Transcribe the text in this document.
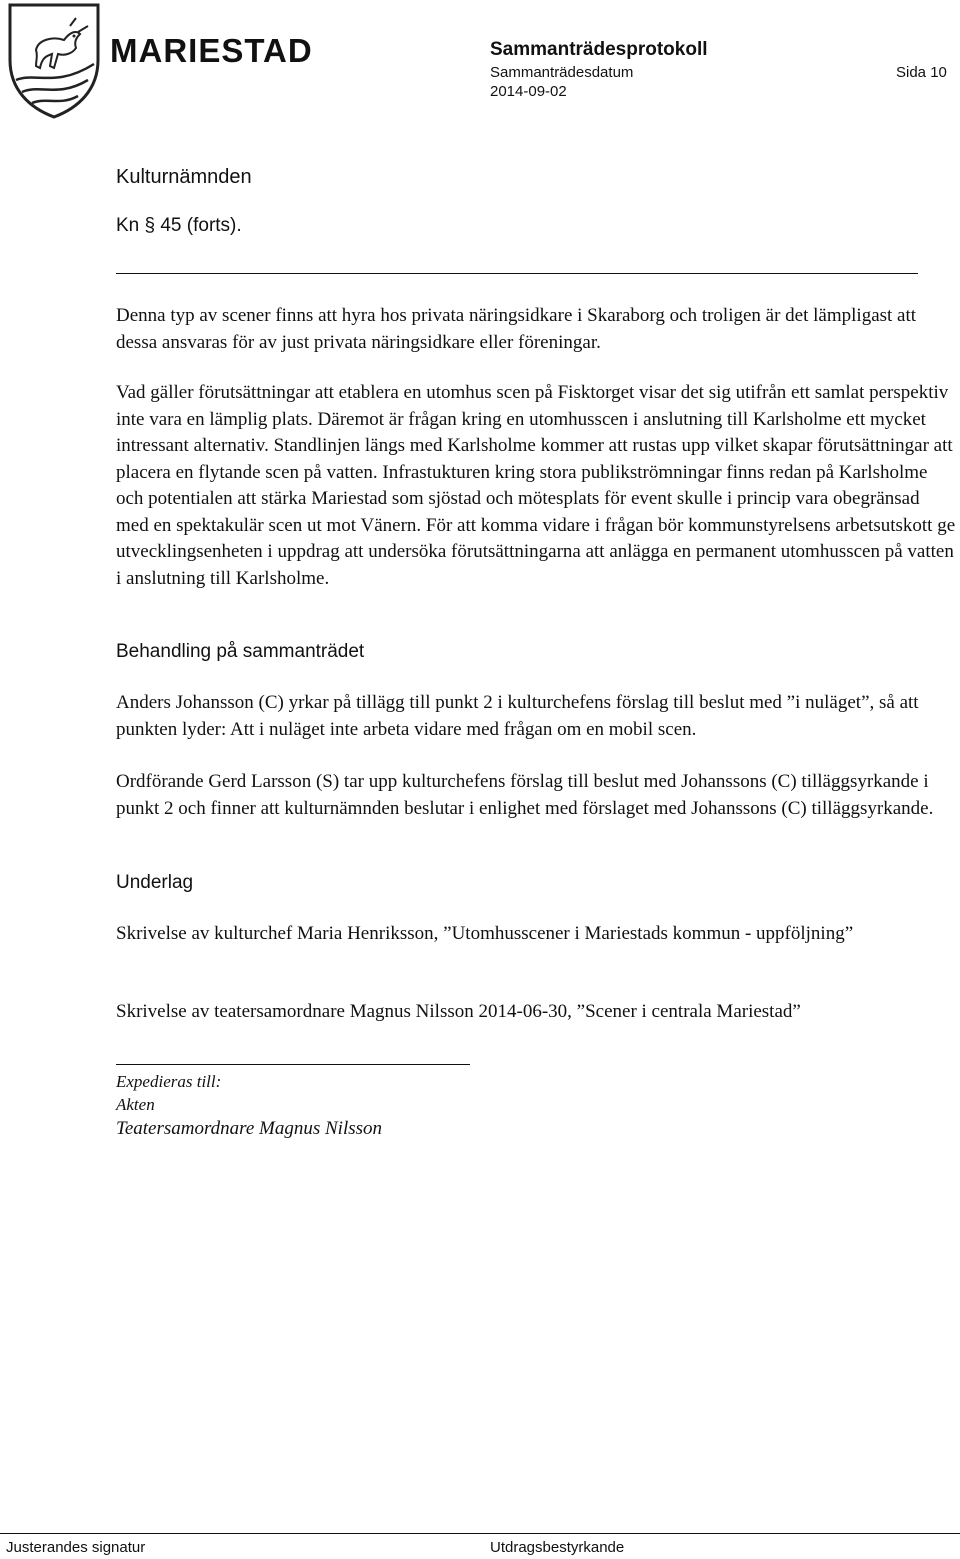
MARIESTAD	Sammanträdesprotokoll
Sammanträdesdatum
2014-09-02
Sida 10
Kulturnämnden
Kn § 45 (forts).

Denna typ av scener finns att hyra hos privata näringsidkare i Skaraborg och troligen är det lämpligast att dessa ansvaras för av just privata näringsidkare eller föreningar.

Vad gäller förutsättningar att etablera en utomhus scen på Fisktorget visar det sig utifrån ett samlat perspektiv inte vara en lämplig plats. Däremot är frågan kring en utomhusscen i anslutning till Karlsholme ett mycket intressant alternativ. Standlinjen längs med Karlsholme kommer att rustas upp vilket skapar förutsättningar att placera en flytande scen på vatten. Infrastukturen kring stora publikströmningar finns redan på Karlsholme och potentialen att stärka Mariestad som sjöstad och mötesplats för event skulle i princip vara obegränsad med en spektakulär scen ut mot Vänern. För att komma vidare i frågan bör kommunstyrelsens arbetsutskott ge utvecklingsenheten i uppdrag att undersöka förutsättningarna att anlägga en permanent utomhusscen på vatten i anslutning till Karlsholme.

Behandling på sammanträdet

Anders Johansson (C) yrkar på tillägg till punkt 2 i kulturchefens förslag till beslut med ”i nuläget”, så att punkten lyder: Att i nuläget inte arbeta vidare med frågan om en mobil scen.

Ordförande Gerd Larsson (S) tar upp kulturchefens förslag till beslut med Johanssons (C) tilläggsyrkande i punkt 2 och finner att kulturnämnden beslutar i enlighet med förslaget med Johanssons (C) tilläggsyrkande.

Underlag

Skrivelse av kulturchef Maria Henriksson, ”Utomhusscener i Mariestads kommun - uppföljning”

Skrivelse av teatersamordnare Magnus Nilsson 2014-06-30, ”Scener i centrala Mariestad”

Expedieras till:
Akten
Teatersamordnare Magnus Nilsson
Justerandes signatur	Utdragsbestyrkande
